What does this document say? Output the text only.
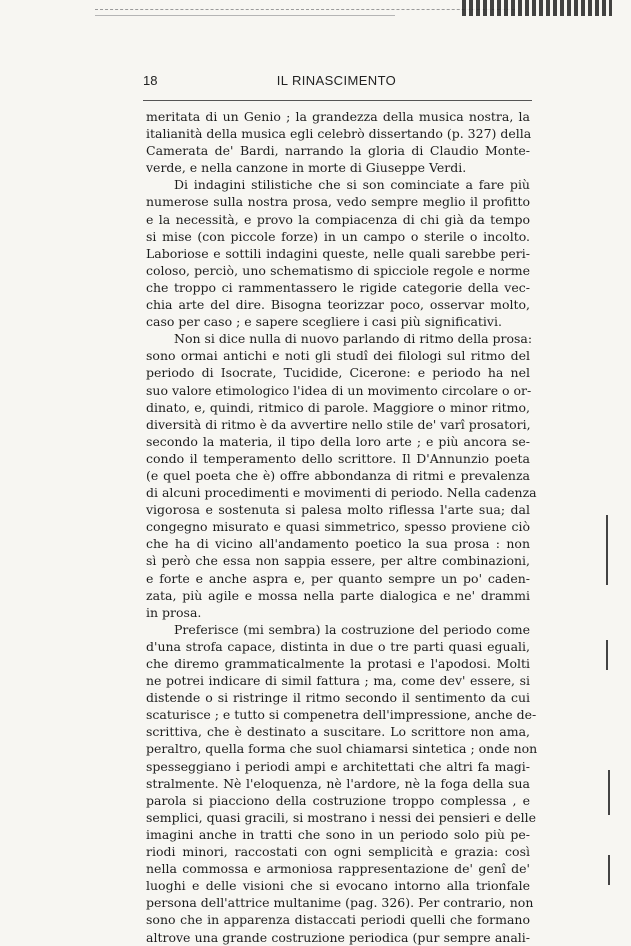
18	IL RINASCIMENTO
meritata di un Genio ; la grandezza della musica nostra, la
italianità della musica egli celebrò dissertando (p. 327) della
Camerata de' Bardi, narrando la gloria di Claudio Monte-
verde, e nella canzone in morte di Giuseppe Verdi.
Di indagini stilistiche che si son cominciate a fare più
numerose sulla nostra prosa, vedo sempre meglio il profitto
e la necessità, e provo la compiacenza di chi già da tempo
si mise (con piccole forze) in un campo o sterile o incolto.
Laboriose e sottili indagini queste, nelle quali sarebbe peri-
coloso, perciò, uno schematismo di spicciole regole e norme
che troppo ci rammentassero le rigide categorie della vec-
chia arte del dire. Bisogna teorizzar poco, osservar molto,
caso per caso ; e sapere scegliere i casi più significativi.
Non si dice nulla di nuovo parlando di ritmo della prosa:
sono ormai antichi e noti gli studî dei filologi sul ritmo del
periodo di Isocrate, Tucidide, Cicerone: e periodo ha nel
suo valore etimologico l'idea di un movimento circolare o or-
dinato, e, quindi, ritmico di parole. Maggiore o minor ritmo,
diversità di ritmo è da avvertire nello stile de' varî prosatori,
secondo la materia, il tipo della loro arte ; e più ancora se-
condo il temperamento dello scrittore. Il D'Annunzio poeta
(e quel poeta che è) offre abbondanza di ritmi e prevalenza
di alcuni procedimenti e movimenti di periodo. Nella cadenza
vigorosa e sostenuta si palesa molto riflessa l'arte sua; dal
congegno misurato e quasi simmetrico, spesso proviene ciò
che ha di vicino all'andamento poetico la sua prosa : non
sì però che essa non sappia essere, per altre combinazioni,
e forte e anche aspra e, per quanto sempre un po' caden-
zata, più agile e mossa nella parte dialogica e ne' drammi
in prosa.
Preferisce (mi sembra) la costruzione del periodo come
d'una strofa capace, distinta in due o tre parti quasi eguali,
che diremo grammaticalmente la protasi e l'apodosi. Molti
ne potrei indicare di simil fattura ; ma, come dev' essere, si
distende o si ristringe il ritmo secondo il sentimento da cui
scaturisce ; e tutto si compenetra dell'impressione, anche de-
scrittiva, che è destinato a suscitare. Lo scrittore non ama,
peraltro, quella forma che suol chiamarsi sintetica ; onde non
spesseggiano i periodi ampi e architettati che altri fa magi-
stralmente. Nè l'eloquenza, nè l'ardore, nè la foga della sua
parola si piacciono della costruzione troppo complessa , e
semplici, quasi gracili, si mostrano i nessi dei pensieri e delle
imagini anche in tratti che sono in un periodo solo più pe-
riodi minori, raccostati con ogni semplicità e grazia: così
nella commossa e armoniosa rappresentazione de' genî de'
luoghi e delle visioni che si evocano intorno alla trionfale
persona dell'attrice multanime (pag. 326). Per contrario, non
sono che in apparenza distaccati periodi quelli che formano
altrove una grande costruzione periodica (pur sempre anali-
